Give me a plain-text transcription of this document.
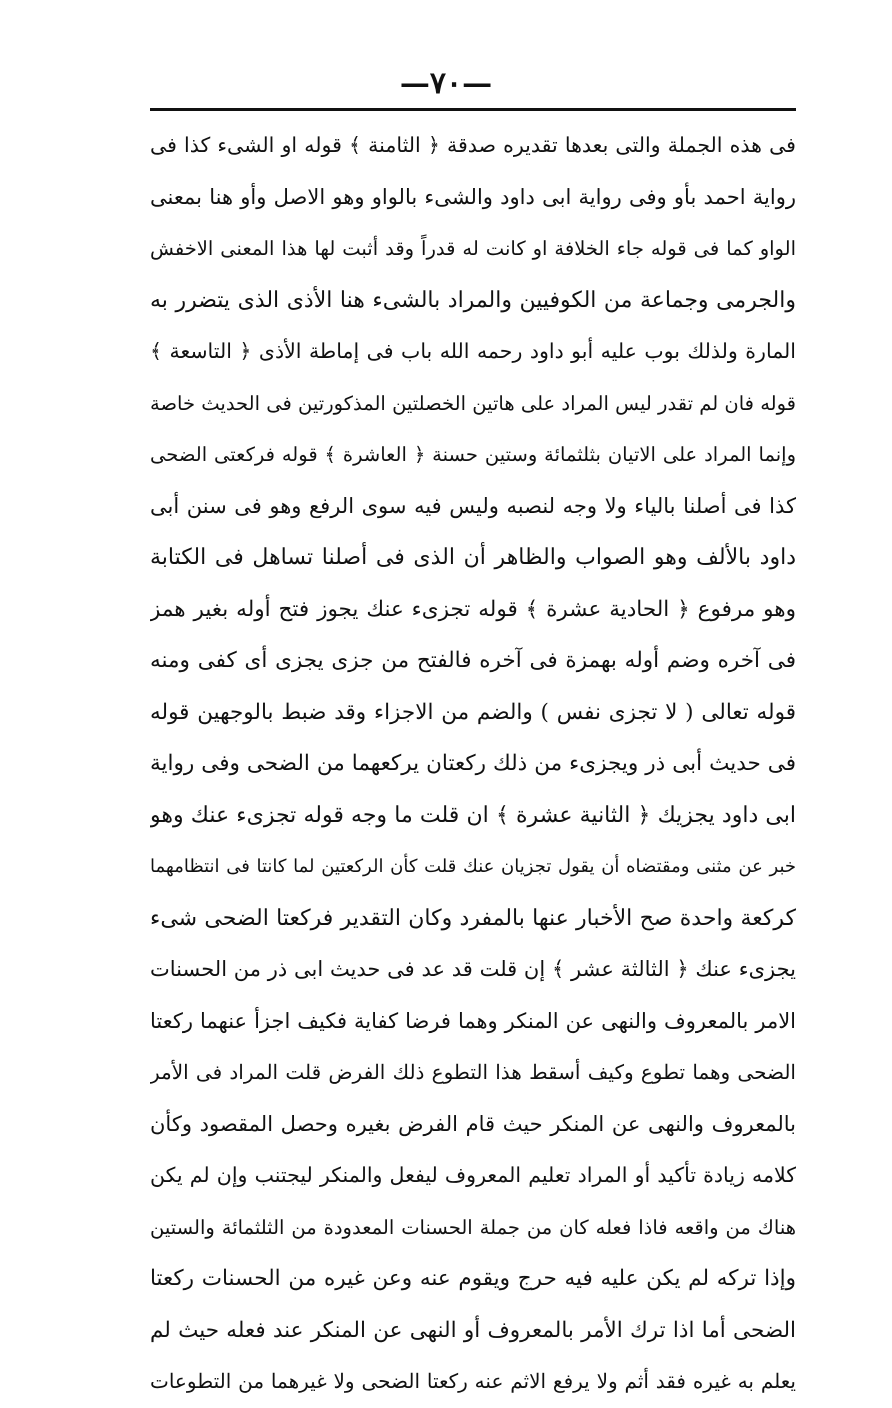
—٧٠—
فى هذه الجملة والتى بعدها تقديره صدقة ﴿ الثامنة ﴾ قوله او الشىء كذا فى
رواية احمد بأو وفى رواية ابى داود والشىء بالواو وهو الاصل وأو هنا بمعنى
الواو كما فى قوله جاء الخلافة او كانت له قدراً وقد أثبت لها هذا المعنى الاخفش
والجرمى وجماعة من الكوفيين والمراد بالشىء هنا الأذى الذى يتضرر به
المارة ولذلك بوب عليه أبو داود رحمه الله باب فى إماطة الأذى ﴿ التاسعة ﴾
قوله فان لم تقدر ليس المراد على هاتين الخصلتين المذكورتين فى الحديث خاصة
وإنما المراد على الاتيان بثلثمائة وستين حسنة ﴿ العاشرة ﴾ قوله فركعتى الضحى
كذا فى أصلنا بالياء ولا وجه لنصبه وليس فيه سوى الرفع وهو فى سنن أبى
داود بالألف وهو الصواب والظاهر أن الذى فى أصلنا تساهل فى الكتابة
وهو مرفوع ﴿ الحادية عشرة ﴾ قوله تجزىء عنك يجوز فتح أوله بغير همز
فى آخره وضم أوله بهمزة فى آخره فالفتح من جزى يجزى أى كفى ومنه
قوله تعالى ( لا تجزى نفس ) والضم من الاجزاء وقد ضبط بالوجهين قوله
فى حديث أبى ذر ويجزىء من ذلك ركعتان يركعهما من الضحى وفى رواية
ابى داود يجزيك ﴿ الثانية عشرة ﴾ ان قلت ما وجه قوله تجزىء عنك وهو
خبر عن مثنى ومقتضاه أن يقول تجزيان عنك قلت كأن الركعتين لما كانتا فى انتظامهما
كركعة واحدة صح الأخبار عنها بالمفرد وكان التقدير فركعتا الضحى شىء
يجزىء عنك ﴿ الثالثة عشر ﴾ إن قلت قد عد فى حديث ابى ذر من الحسنات
الامر بالمعروف والنهى عن المنكر وهما فرضا كفاية فكيف اجزأ عنهما ركعتا
الضحى وهما تطوع وكيف أسقط هذا التطوع ذلك الفرض قلت المراد فى الأمر
بالمعروف والنهى عن المنكر حيث قام الفرض بغيره وحصل المقصود وكأن
كلامه زيادة تأكيد أو المراد تعليم المعروف ليفعل والمنكر ليجتنب وإن لم يكن
هناك من واقعه فاذا فعله كان من جملة الحسنات المعدودة من الثلثمائة والستين
وإذا تركه لم يكن عليه فيه حرج ويقوم عنه وعن غيره من الحسنات ركعتا
الضحى أما اذا ترك الأمر بالمعروف أو النهى عن المنكر عند فعله حيث لم
يعلم به غيره فقد أثم ولا يرفع الاثم عنه ركعتا الضحى ولا غيرهما من التطوعات
